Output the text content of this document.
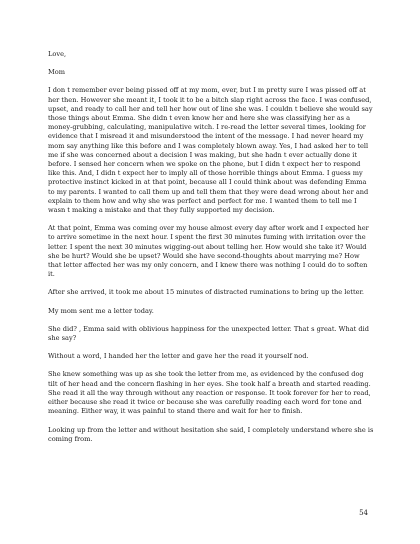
Love,

Mom

I don t remember ever being pissed off at my mom, ever, but I m pretty sure I was pissed off at her then. However she meant it, I took it to be a bitch slap right across the face. I was confused, upset, and ready to call her and tell her how out of line she was. I couldn t believe she would say those things about Emma. She didn t even know her and here she was classifying her as a money-grubbing, calculating, manipulative witch. I re-read the letter several times, looking for evidence that I misread it and misunderstood the intent of the message. I had never heard my mom say anything like this before and I was completely blown away. Yes, I had asked her to tell me if she was concerned about a decision I was making, but she hadn t ever actually done it before. I sensed her concern when we spoke on the phone, but I didn t expect her to respond like this. And, I didn t expect her to imply all of those horrible things about Emma. I guess my protective instinct kicked in at that point, because all I could think about was defending Emma to my parents. I wanted to call them up and tell them that they were dead wrong about her and explain to them how and why she was perfect and perfect for me. I wanted them to tell me I wasn t making a mistake and that they fully supported my decision.

At that point, Emma was coming over my house almost every day after work and I expected her to arrive sometime in the next hour. I spent the first 30 minutes fuming with irritation over the letter. I spent the next 30 minutes wigging-out about telling her. How would she take it? Would she be hurt? Would she be upset? Would she have second-thoughts about marrying me? How that letter affected her was my only concern, and I knew there was nothing I could do to soften it.

After she arrived, it took me about 15 minutes of distracted ruminations to bring up the letter.

My mom sent me a letter today.

She did? , Emma said with oblivious happiness for the unexpected letter. That s great. What did she say?

Without a word, I handed her the letter and gave her the read it yourself nod.

She knew something was up as she took the letter from me, as evidenced by the confused dog tilt of her head and the concern flashing in her eyes. She took half a breath and started reading. She read it all the way through without any reaction or response. It took forever for her to read, either because she read it twice or because she was carefully reading each word for tone and meaning. Either way, it was painful to stand there and wait for her to finish.

Looking up from the letter and without hesitation she said, I completely understand where she is coming from.

54
